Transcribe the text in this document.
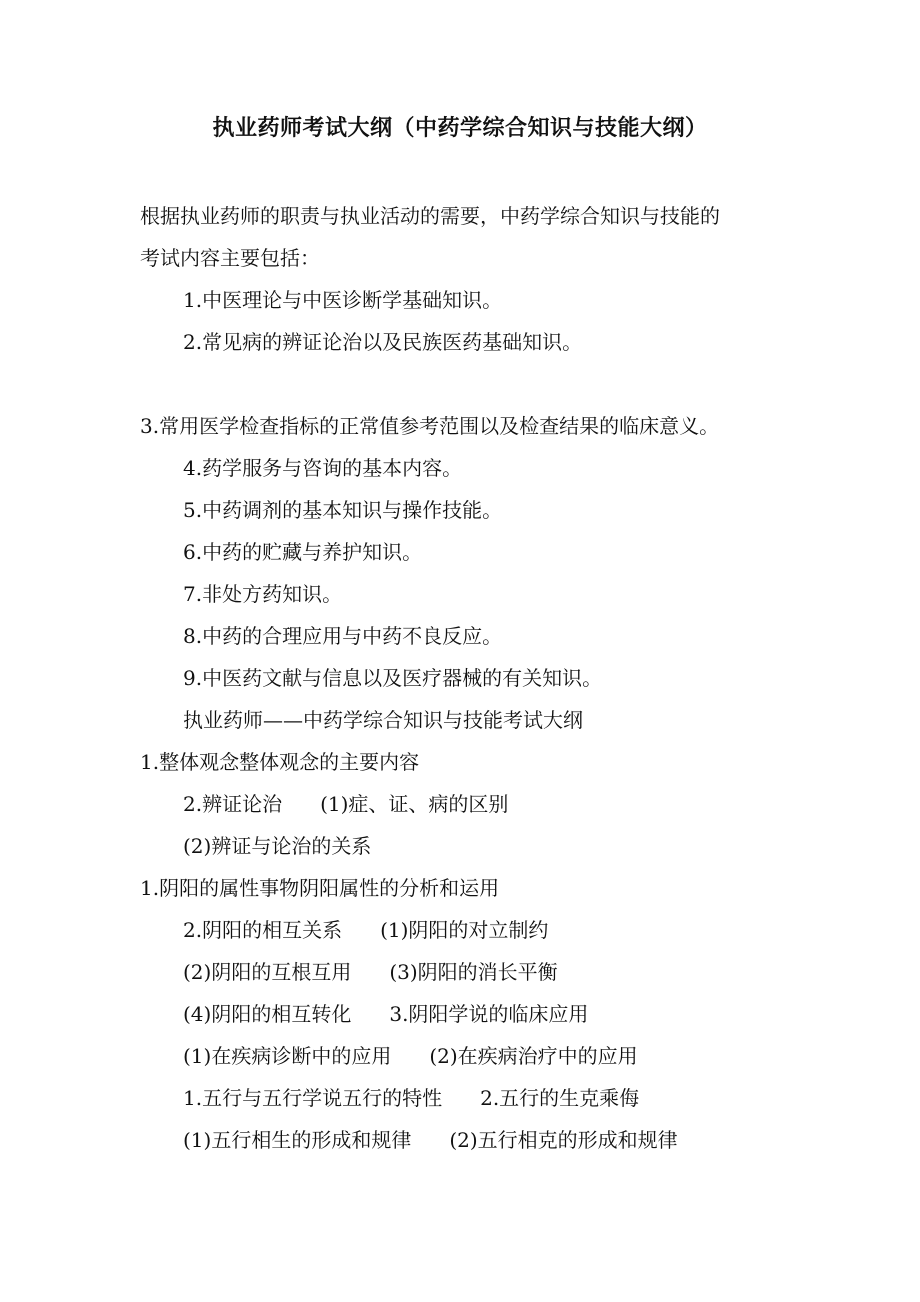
执业药师考试大纲（中药学综合知识与技能大纲）
根据执业药师的职责与执业活动的需要，中药学综合知识与技能的
考试内容主要包括：
1.中医理论与中医诊断学基础知识。
2.常见病的辨证论治以及民族医药基础知识。
3.常用医学检查指标的正常值参考范围以及检查结果的临床意义。
4.药学服务与咨询的基本内容。
5.中药调剂的基本知识与操作技能。
6.中药的贮藏与养护知识。
7.非处方药知识。
8.中药的合理应用与中药不良反应。
9.中医药文献与信息以及医疗器械的有关知识。
执业药师——中药学综合知识与技能考试大纲
1.整体观念整体观念的主要内容
2.辨证论治 (1)症、证、病的区别
(2)辨证与论治的关系
1.阴阳的属性事物阴阳属性的分析和运用
2.阴阳的相互关系 (1)阴阳的对立制约
(2)阴阳的互根互用 (3)阴阳的消长平衡
(4)阴阳的相互转化 3.阴阳学说的临床应用
(1)在疾病诊断中的应用 (2)在疾病治疗中的应用
1.五行与五行学说五行的特性 2.五行的生克乘侮
(1)五行相生的形成和规律 (2)五行相克的形成和规律
